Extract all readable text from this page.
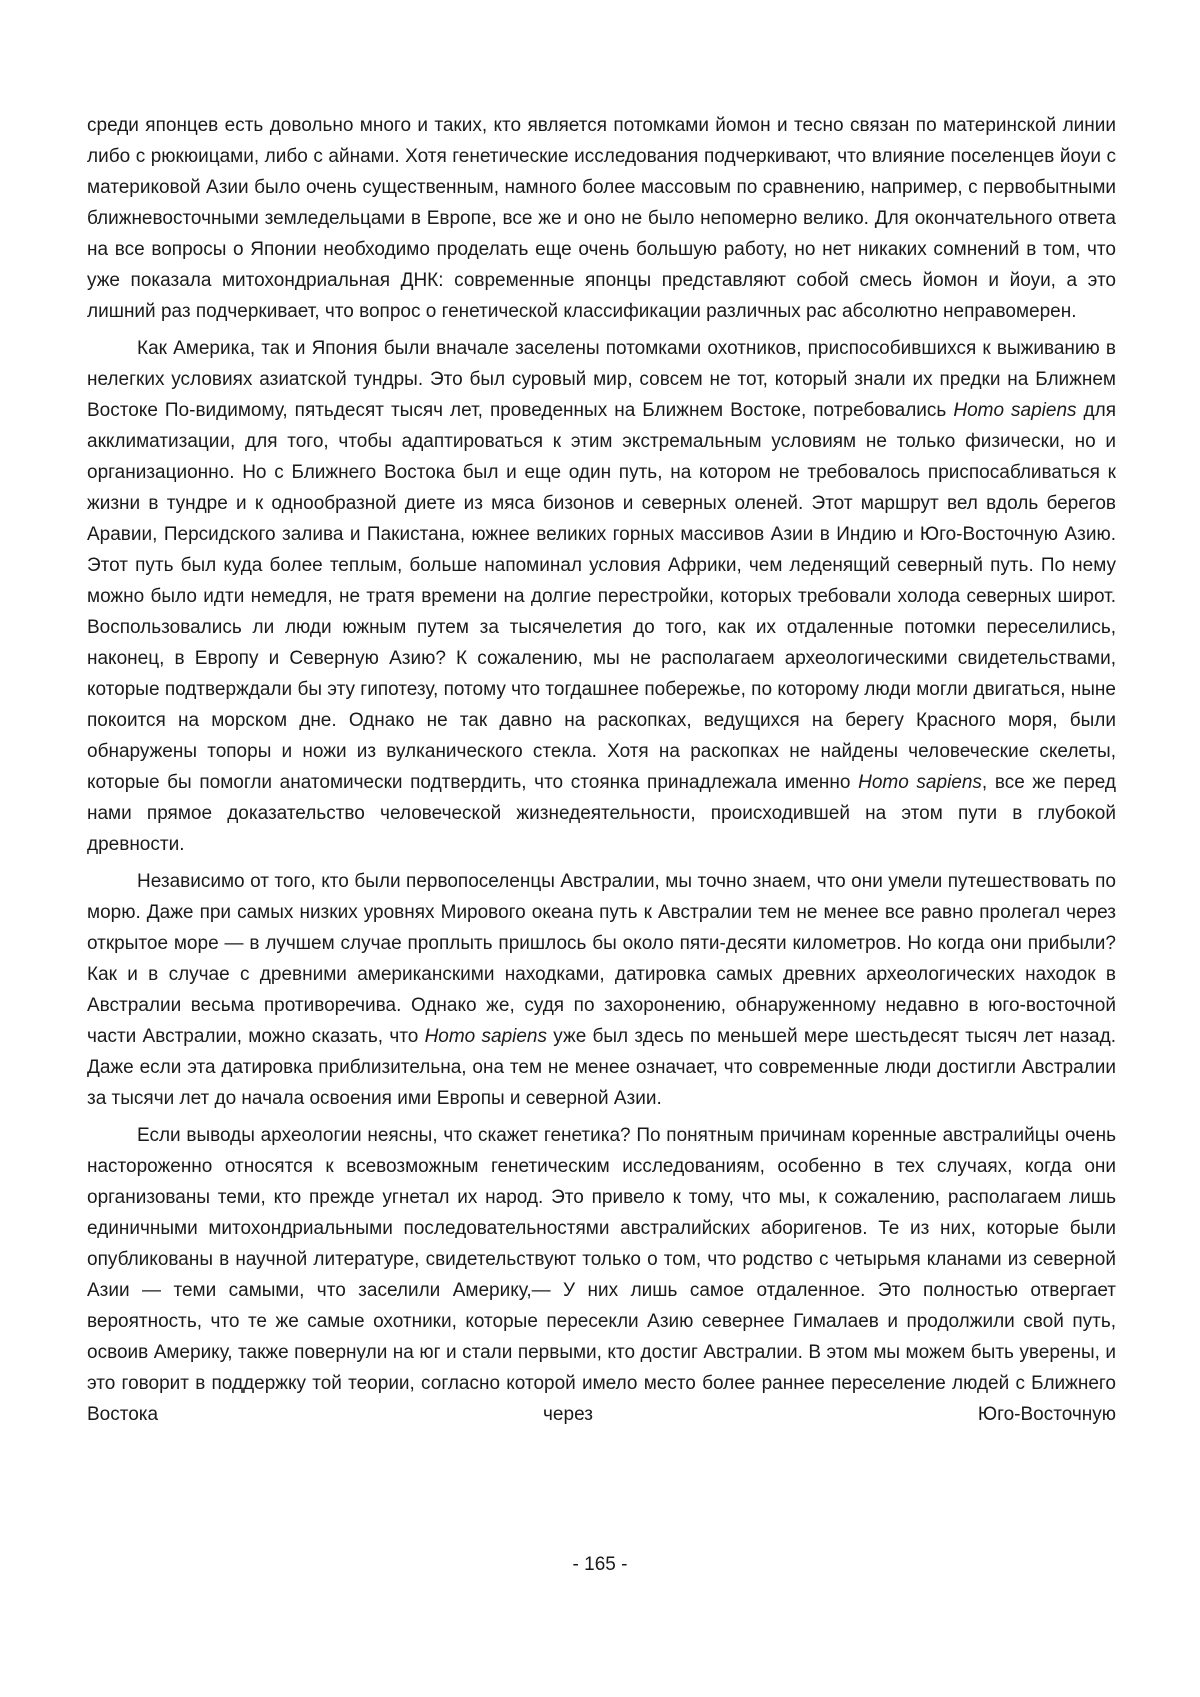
среди японцев есть довольно много и таких, кто является потомками йомон и тесно связан по материнской линии либо с рюкюицами, либо с айнами. Хотя генетические исследования подчеркивают, что влияние поселенцев йоуи с материковой Азии было очень существенным, намного более массовым по сравнению, например, с первобытными ближневосточными земледельцами в Европе, все же и оно не было непомерно велико. Для окончательного ответа на все вопросы о Японии необходимо проделать еще очень большую работу, но нет никаких сомнений в том, что уже показала митохондриальная ДНК: современные японцы представляют собой смесь йомон и йоуи, а это лишний раз подчеркивает, что вопрос о генетической классификации различных рас абсолютно неправомерен.

Как Америка, так и Япония были вначале заселены потомками охотников, приспособившихся к выживанию в нелегких условиях азиатской тундры. Это был суровый мир, совсем не тот, который знали их предки на Ближнем Востоке По-видимому, пятьдесят тысяч лет, проведенных на Ближнем Востоке, потребовались Homo sapiens для акклиматизации, для того, чтобы адаптироваться к этим экстремальным условиям не только физически, но и организационно. Но с Ближнего Востока был и еще один путь, на котором не требовалось приспосабливаться к жизни в тундре и к однообразной диете из мяса бизонов и северных оленей. Этот маршрут вел вдоль берегов Аравии, Персидского залива и Пакистана, южнее великих горных массивов Азии в Индию и Юго-Восточную Азию. Этот путь был куда более теплым, больше напоминал условия Африки, чем леденящий северный путь. По нему можно было идти немедля, не тратя времени на долгие перестройки, которых требовали холода северных широт. Воспользовались ли люди южным путем за тысячелетия до того, как их отдаленные потомки переселились, наконец, в Европу и Северную Азию? К сожалению, мы не располагаем археологическими свидетельствами, которые подтверждали бы эту гипотезу, потому что тогдашнее побережье, по которому люди могли двигаться, ныне покоится на морском дне. Однако не так давно на раскопках, ведущихся на берегу Красного моря, были обнаружены топоры и ножи из вулканического стекла. Хотя на раскопках не найдены человеческие скелеты, которые бы помогли анатомически подтвердить, что стоянка принадлежала именно Homo sapiens, все же перед нами прямое доказательство человеческой жизнедеятельности, происходившей на этом пути в глубокой древности.

Независимо от того, кто были первопоселенцы Австралии, мы точно знаем, что они умели путешествовать по морю. Даже при самых низких уровнях Мирового океана путь к Австралии тем не менее все равно пролегал через открытое море — в лучшем случае проплыть пришлось бы около пяти-десяти километров. Но когда они прибыли? Как и в случае с древними американскими находками, датировка самых древних археологических находок в Австралии весьма противоречива. Однако же, судя по захоронению, обнаруженному недавно в юго-восточной части Австралии, можно сказать, что Homo sapiens уже был здесь по меньшей мере шестьдесят тысяч лет назад. Даже если эта датировка приблизительна, она тем не менее означает, что современные люди достигли Австралии за тысячи лет до начала освоения ими Европы и северной Азии.

Если выводы археологии неясны, что скажет генетика? По понятным причинам коренные австралийцы очень настороженно относятся к всевозможным генетическим исследованиям, особенно в тех случаях, когда они организованы теми, кто прежде угнетал их народ. Это привело к тому, что мы, к сожалению, располагаем лишь единичными митохондриальными последовательностями австралийских аборигенов. Те из них, которые были опубликованы в научной литературе, свидетельствуют только о том, что родство с четырьмя кланами из северной Азии — теми самыми, что заселили Америку,— У них лишь самое отдаленное. Это полностью отвергает вероятность, что те же самые охотники, которые пересекли Азию севернее Гималаев и продолжили свой путь, освоив Америку, также повернули на юг и стали первыми, кто достиг Австралии. В этом мы можем быть уверены, и это говорит в поддержку той теории, согласно которой имело место более раннее переселение людей с Ближнего Востока через Юго-Восточную

- 165 -
